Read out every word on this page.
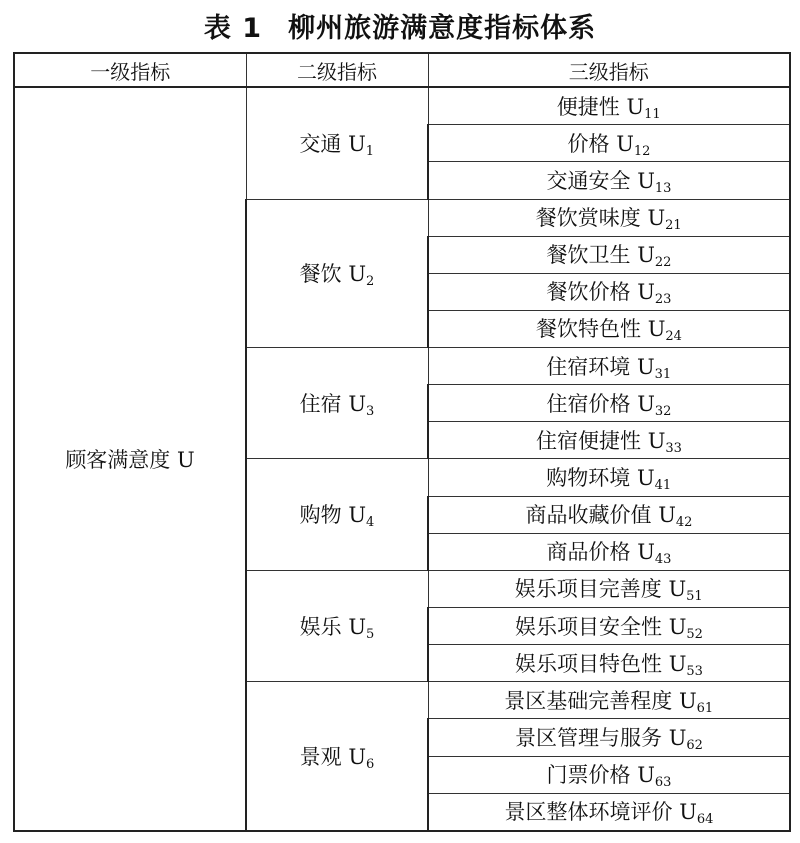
表 1 柳州旅游满意度指标体系
一级指标	二级指标	三级指标
顾客满意度 U	交通 $U_1$	便捷性 $U_{11}$
		价格 $U_{12}$
		交通安全 $U_{13}$
	餐饮 $U_2$	餐饮赏味度 $U_{21}$
		餐饮卫生 $U_{22}$
		餐饮价格 $U_{23}$
		餐饮特色性 $U_{24}$
	住宿 $U_3$	住宿环境 $U_{31}$
		住宿价格 $U_{32}$
		住宿便捷性 $U_{33}$
	购物 $U_4$	购物环境 $U_{41}$
		商品收藏价值 $U_{42}$
		商品价格 $U_{43}$
	娱乐 $U_5$	娱乐项目完善度 $U_{51}$
		娱乐项目安全性 $U_{52}$
		娱乐项目特色性 $U_{53}$
	景观 $U_6$	景区基础完善程度 $U_{61}$
		景区管理与服务 $U_{62}$
		门票价格 $U_{63}$
		景区整体环境评价 $U_{64}$
